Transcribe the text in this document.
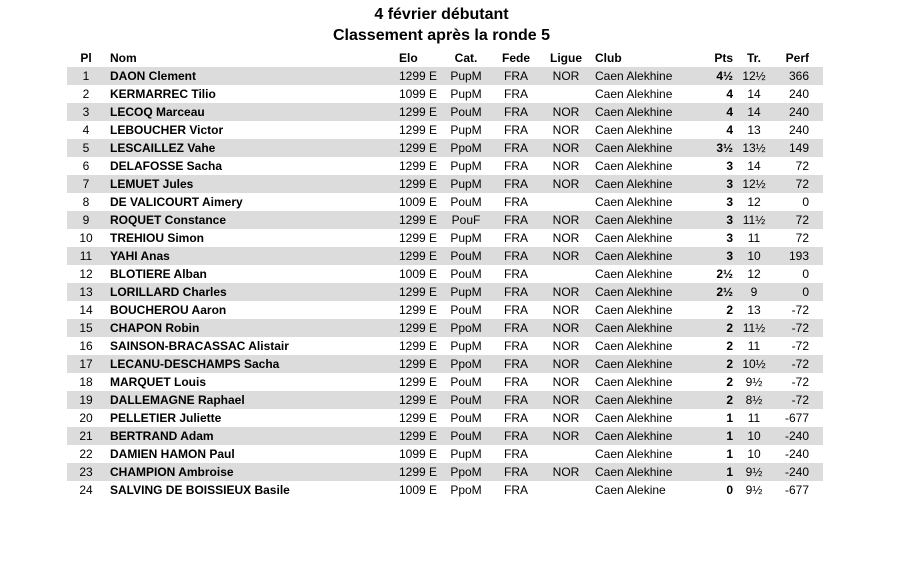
4 février débutant
Classement après la ronde 5
Pl	Nom	Elo	Cat.	Fede	Ligue	Club	Pts	Tr.	Perf
1	DAON Clement	1299 E	PupM	FRA	NOR	Caen Alekhine	4½	12½	366
2	KERMARREC Tilio	1099 E	PupM	FRA		Caen Alekhine	4	14	240
3	LECOQ Marceau	1299 E	PouM	FRA	NOR	Caen Alekhine	4	14	240
4	LEBOUCHER Victor	1299 E	PupM	FRA	NOR	Caen Alekhine	4	13	240
5	LESCAILLEZ Vahe	1299 E	PpoM	FRA	NOR	Caen Alekhine	3½	13½	149
6	DELAFOSSE Sacha	1299 E	PupM	FRA	NOR	Caen Alekhine	3	14	72
7	LEMUET Jules	1299 E	PupM	FRA	NOR	Caen Alekhine	3	12½	72
8	DE VALICOURT Aimery	1009 E	PouM	FRA		Caen Alekhine	3	12	0
9	ROQUET Constance	1299 E	PouF	FRA	NOR	Caen Alekhine	3	11½	72
10	TREHIOU Simon	1299 E	PupM	FRA	NOR	Caen Alekhine	3	11	72
11	YAHI Anas	1299 E	PouM	FRA	NOR	Caen Alekhine	3	10	193
12	BLOTIERE Alban	1009 E	PouM	FRA		Caen Alekhine	2½	12	0
13	LORILLARD Charles	1299 E	PupM	FRA	NOR	Caen Alekhine	2½	9	0
14	BOUCHEROU Aaron	1299 E	PouM	FRA	NOR	Caen Alekhine	2	13	-72
15	CHAPON Robin	1299 E	PpoM	FRA	NOR	Caen Alekhine	2	11½	-72
16	SAINSON-BRACASSAC Alistair	1299 E	PupM	FRA	NOR	Caen Alekhine	2	11	-72
17	LECANU-DESCHAMPS Sacha	1299 E	PpoM	FRA	NOR	Caen Alekhine	2	10½	-72
18	MARQUET Louis	1299 E	PouM	FRA	NOR	Caen Alekhine	2	9½	-72
19	DALLEMAGNE Raphael	1299 E	PouM	FRA	NOR	Caen Alekhine	2	8½	-72
20	PELLETIER Juliette	1299 E	PouM	FRA	NOR	Caen Alekhine	1	11	-677
21	BERTRAND Adam	1299 E	PouM	FRA	NOR	Caen Alekhine	1	10	-240
22	DAMIEN HAMON Paul	1099 E	PupM	FRA		Caen Alekhine	1	10	-240
23	CHAMPION Ambroise	1299 E	PpoM	FRA	NOR	Caen Alekhine	1	9½	-240
24	SALVING DE BOISSIEUX Basile	1009 E	PpoM	FRA		Caen Alekine	0	9½	-677
